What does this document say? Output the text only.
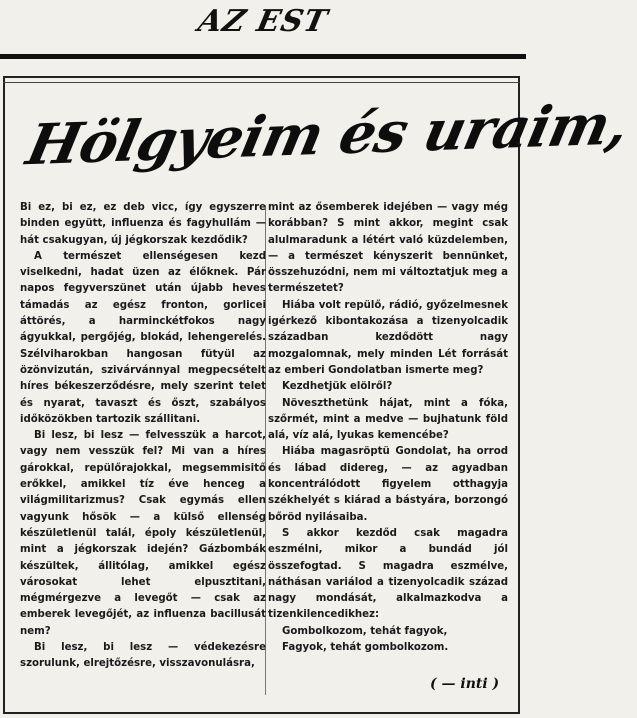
AZ EST
Hölgyeim és uraim,

Bi ez, bi ez, ez deb vicc, így egyszerre binden együtt, influenza és fagyhullám — hát csakugyan, új jégkorszak kezdődik?

A természet ellenségesen kezd viselkedni, hadat üzen az élőknek. Pár napos fegyverszünet után újabb heves támadás az egész fronton, gorlicei áttörés, a harminckétfokos nagy ágyukkal, pergőjég, blokád, lehengerelés. Szélviharokban hangosan fütyül az özönvizután, szivárvánnyal megpecsételt híres békeszerződésre, mely szerint telet és nyarat, tavaszt és őszt, szabályos időközökben tartozik szállitani.

Bi lesz, bi lesz — felvesszük a harcot, vagy nem vesszük fel? Mi van a híres gárokkal, repülőrajokkal, megsemmisitő erőkkel, amikkel tíz éve henceg a világmilitarizmus? Csak egymás ellen vagyunk hősök — a külső ellenség készületlenül talál, époly készületlenül, mint a jégkorszak idején? Gázbombák készültek, állitólag, amikkel egész városokat lehet elpusztitani, mégmérgezve a levegőt — csak az emberek levegőjét, az influenza bacillusát nem?

Bi lesz, bi lesz — védekezésre szorulunk, elrejtőzésre, visszavonulásra,

mint az ősemberek idejében — vagy még korábban? S mint akkor, megint csak alulmaradunk a létért való küzdelemben, — a természet kényszerit bennünket, összehuzódni, nem mi változtatjuk meg a természetet?

Hiába volt repülő, rádió, győzelmesnek igérkező kibontakozása a tizenyolcadik században kezdődött nagy mozgalomnak, mely minden Lét forrását az emberi Gondolatban ismerte meg?

Kezdhetjük elölről?

Növeszthetünk hájat, mint a fóka, szőrmét, mint a medve — bujhatunk föld alá, víz alá, lyukas kemencébe?

Hiába magasröptü Gondolat, ha orrod és lábad didereg, — az agyadban koncentrálódott figyelem otthagyja székhelyét s kiárad a bástyára, borzongó bőröd nyilásaiba.

S akkor kezdőd csak magadra eszmélni, mikor a bundád jól összefogtad. S magadra eszmélve, náthásan variálod a tizenyolcadik század nagy mondását, alkalmazkodva a tizenkilencedikhez:

Gombolkozom, tehát fagyok,

Fagyok, tehát gombolkozom.

( — inti )
